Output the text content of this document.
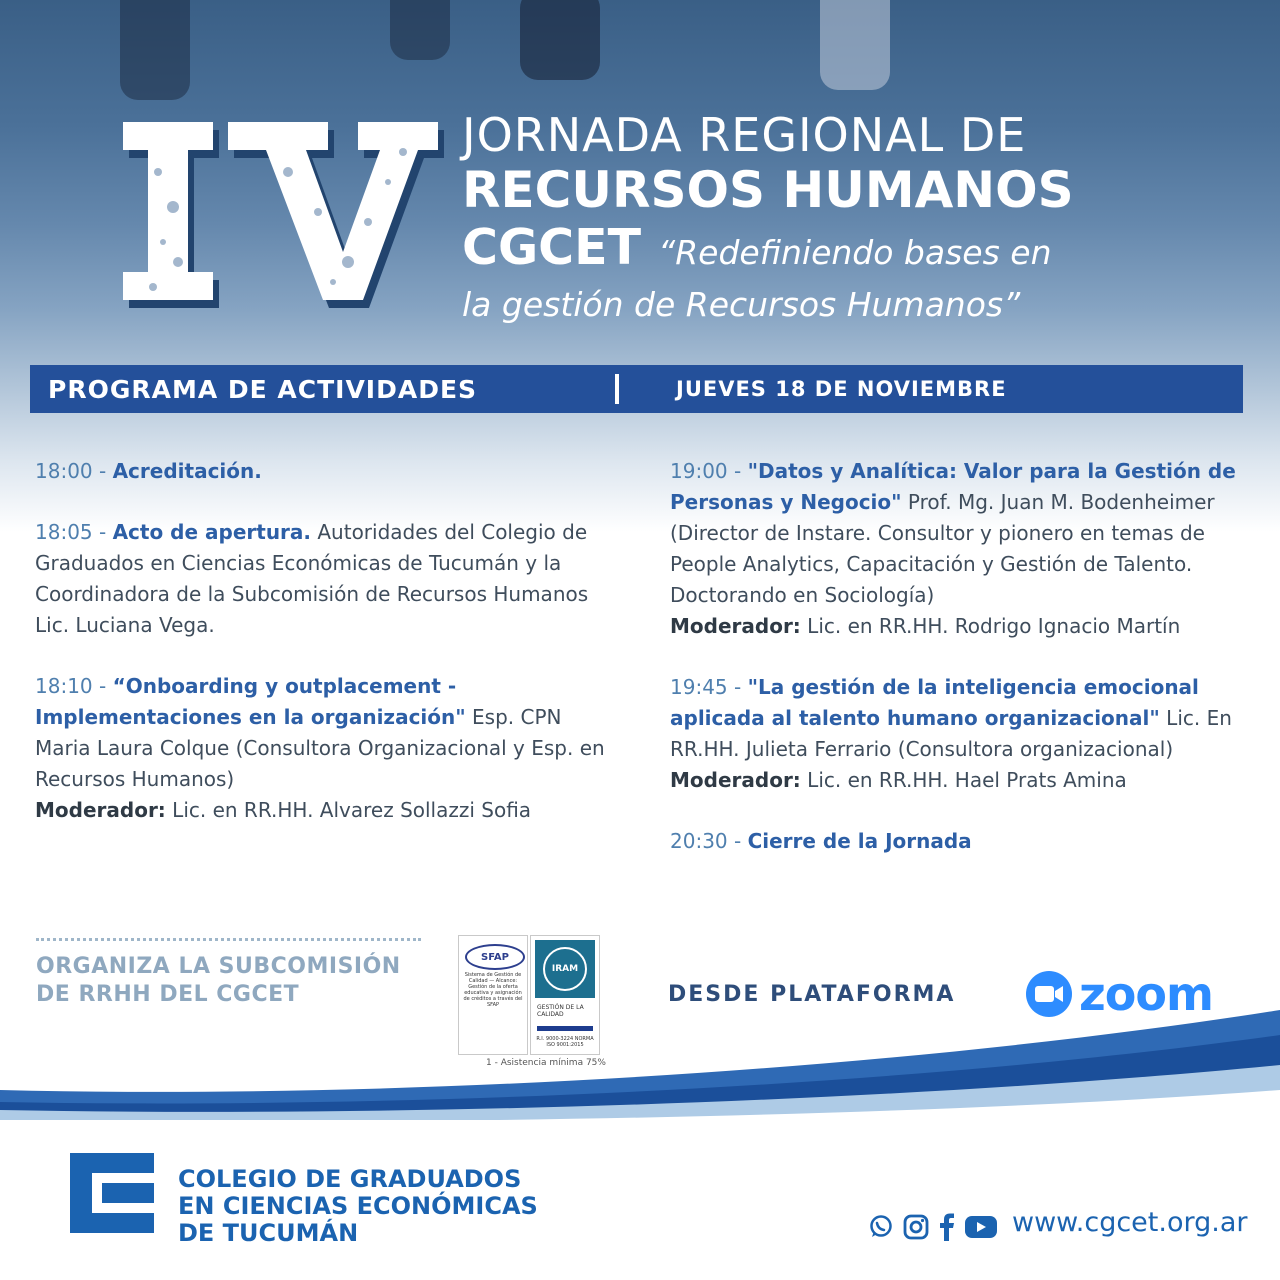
JORNADA REGIONAL DE
RECURSOS HUMANOS
CGCET “Redefiniendo bases en
la gestión de Recursos Humanos”
PROGRAMA DE ACTIVIDADES	JUEVES 18 DE NOVIEMBRE
18:00 - Acreditación.
18:05 - Acto de apertura. Autoridades del Colegio de Graduados en Ciencias Económicas de Tucumán y la Coordinadora de la Subcomisión de Recursos Humanos Lic. Luciana Vega.
18:10 - “Onboarding y outplacement - Implementaciones en la organización" Esp. CPN Maria Laura Colque (Consultora Organizacional y Esp. en Recursos Humanos)
Moderador: Lic. en RR.HH. Alvarez Sollazzi Sofia
19:00 - "Datos y Analítica: Valor para la Gestión de Personas y Negocio" Prof. Mg. Juan M. Bodenheimer (Director de Instare. Consultor y pionero en temas de People Analytics, Capacitación y Gestión de Talento. Doctorando en Sociología)
Moderador: Lic. en RR.HH. Rodrigo Ignacio Martín
19:45 - "La gestión de la inteligencia emocional aplicada al talento humano organizacional" Lic. En RR.HH. Julieta Ferrario (Consultora organizacional)
Moderador: Lic. en RR.HH. Hael Prats Amina
20:30 - Cierre de la Jornada
ORGANIZA LA SUBCOMISIÓN
DE RRHH DEL CGCET
SFAP
Sistema de Gestión de Calidad — Alcance: Gestión de la oferta educativa y asignación de créditos a través del SFAP
IRAM
GESTIÓN DE LA CALIDAD
R.I. 9000-3224 NORMA ISO 9001:2015
1 - Asistencia mínima 75%
DESDE PLATAFORMA	zoom
COLEGIO DE GRADUADOS
EN CIENCIAS ECONÓMICAS
DE TUCUMÁN	www.cgcet.org.ar
